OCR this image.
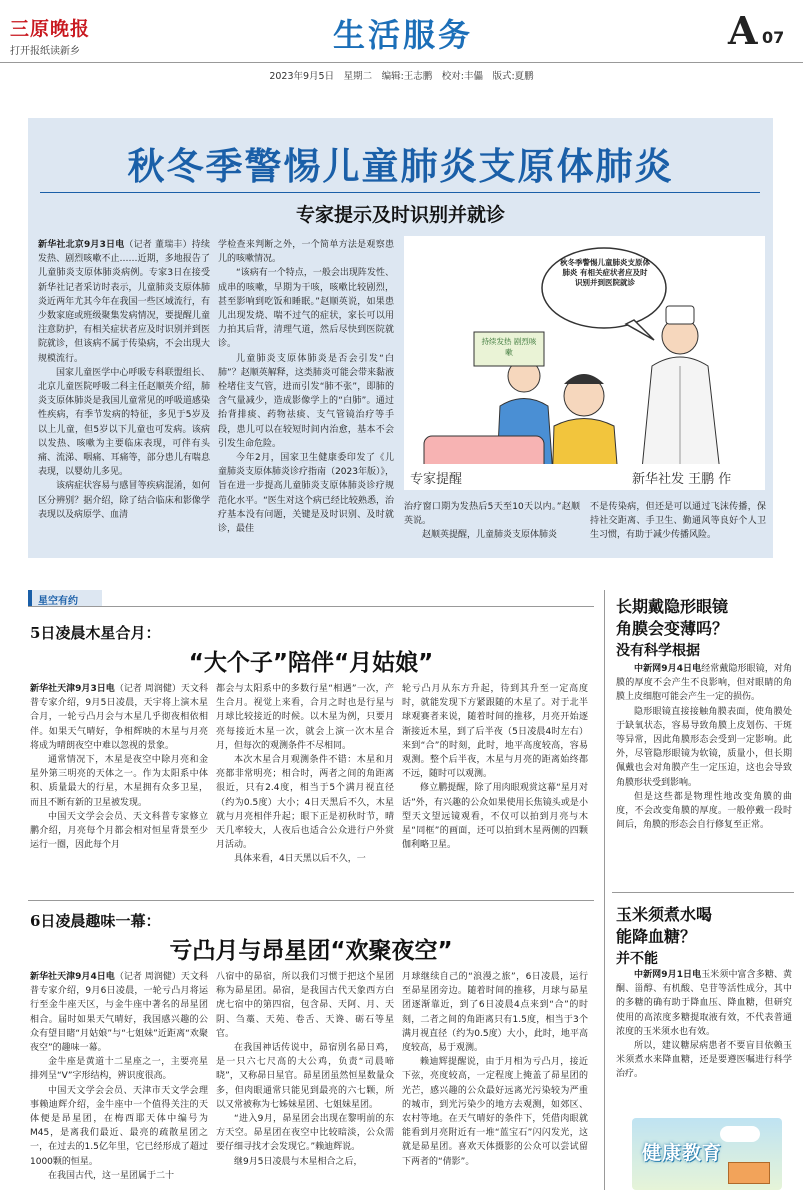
三原晚报
打开报纸读新乡	生活服务	A 07
2023年9月5日　星期二　编辑:王志鹏　校对:丰儡　版式:夏鹏
秋冬季警惕儿童肺炎支原体肺炎
专家提示及时识别并就诊

新华社北京9月3日电（记者 董瑞丰）持续发热、剧烈咳嗽不止……近期，多地报告了儿童肺炎支原体肺炎病例。专家3日在接受新华社记者采访时表示，儿童肺炎支原体肺炎近两年尤其今年在我国一些区域流行，有少数家庭或班级聚集发病情况，要提醒儿童注意防护，有相关症状者应及时识别并到医院就诊，但该病不属于传染病，不会出现大规模流行。

国家儿童医学中心呼吸专科联盟组长、北京儿童医院呼吸二科主任赵顺英介绍，肺炎支原体肺炎是我国儿童常见的呼吸道感染性疾病，有季节发病的特征，多见于5岁及以上儿童，但5岁以下儿童也可发病。该病以发热、咳嗽为主要临床表现，可伴有头痛、流涕、咽痛、耳痛等，部分患儿有喘息表现，以婴幼儿多见。

该病症状容易与感冒等疾病混淆，如何区分辨别？据介绍，除了结合临床和影像学表现以及病原学、血清

学检查来判断之外，一个简单方法是观察患儿的咳嗽情况。

“该病有一个特点，一般会出现阵发性、成串的咳嗽，早期为干咳，咳嗽比较剧烈，甚至影响到吃饭和睡眠。”赵顺英说，如果患儿出现发烧、喘不过气的症状，家长可以用力拍其后背，清理气道，然后尽快到医院就诊。

儿童肺炎支原体肺炎是否会引发“白肺”？赵顺英解释，这类肺炎可能会带来黏液栓堵住支气管，进而引发“肺不张”，即肺的含气量减少，造成影像学上的“白肺”。通过抬背排痰、药物祛痰、支气管镜治疗等手段，患儿可以在较短时间内治愈，基本不会引发生命危险。

今年2月，国家卫生健康委印发了《儿童肺炎支原体肺炎诊疗指南（2023年版）》，旨在进一步提高儿童肺炎支原体肺炎诊疗规范化水平。“医生对这个病已经比较熟悉，治疗基本没有问题，关键是及时识别、及时就诊，最佳

秋冬季警惕儿童肺炎支原体肺炎 有相关症状者应及时识别并到医院就诊
持续发热 剧烈咳嗽
专家提醒	新华社发 王鹏 作

治疗窗口期为发热后5天至10天以内。”赵顺英说。

赵顺英提醒，儿童肺炎支原体肺炎

不是传染病，但还是可以通过飞沫传播，保持社交距离、手卫生、勤通风等良好个人卫生习惯，有助于减少传播风险。

星空有约
5日凌晨木星合月：
“大个子”陪伴“月姑娘”

新华社天津9月3日电（记者 周润健）天文科普专家介绍，9月5日凌晨，天宇将上演木星合月，一轮亏凸月会与木星几乎彻夜相依相伴。如果天气晴好，争相辉映的木星与月亮将成为晴朗夜空中难以忽视的景象。

通常情况下，木星是夜空中除月亮和金星外第三明亮的天体之一。作为太阳系中体积、质量最大的行星，木星拥有众多卫星，而且不断有新的卫星被发现。

中国天文学会会员、天文科普专家修立鹏介绍，月亮每个月都会相对恒星背景至少运行一圈，因此每个月

都会与太阳系中的多数行星“相遇”一次，产生合月。视觉上来看，合月之时也是行星与月球比较接近的时候。以木星为例，只要月亮每接近木星一次，就会上演一次木星合月，但每次的观测条件不尽相同。

本次木星合月观测条件不错：木星和月亮都非常明亮；相合时，两者之间的角距离很近，只有2.4度，相当于5个满月视直径（约为0.5度）大小；4日天黑后不久，木星就与月亮相伴升起；眼下正是初秋时节，晴天几率较大，人夜后也适合公众进行户外赏月活动。

具体来看，4日天黑以后不久，一

轮亏凸月从东方升起，待到其升至一定高度时，就能发现下方紧跟随的木星了。对于北半球观赛者来说，随着时间的推移，月亮开始逐渐接近木星，到了后半夜（5日凌晨4时左右）来到“合”的时刻，此时，地平高度较高，容易观测。整个后半夜，木星与月亮的距离始终都不远，随时可以观测。

修立鹏提醒，除了用肉眼观赏这幕“星月对话”外，有兴趣的公众如果使用长焦镜头或是小型天文望远镜观看，不仅可以拍到月亮与木星“同框”的画面，还可以拍到木星两侧的四颗伽利略卫星。

6日凌晨趣味一幕：
亏凸月与昂星团“欢聚夜空”

新华社天津9月4日电（记者 周润健）天文科普专家介绍，9月6日凌晨，一轮亏凸月将运行至金牛座天区，与金牛座中著名的昂星团相合。届时如果天气晴好，我国感兴趣的公众有望目睹“月姑娘”与“七姐妹”近距离“欢聚夜空”的趣味一幕。

金牛座是黄道十二星座之一，主要亮星排列呈“V”字形结构，辨识度很高。

中国天文学会会员、天津市天文学会理事赖迪辉介绍，金牛座中一个值得关注的天体便是昂星团，在梅西耶天体中编号为M45，是离我们最近、最亮的疏散星团之一，在过去的1.5亿年里，它已经形成了超过1000颗的恒星。

在我国古代，这一星团属于二十

八宿中的昴宿，所以我们习惯于把这个星团称为昴星团。昴宿，是我国古代天象西方白虎七宿中的第四宿，包含昴、天阿、月、天阴、刍藁、天苑、卷舌、天谗、砺石等星官。

在我国神话传说中，昴宿別名昴日鸡，是一只六七尺高的大公鸡，负责“司晨啼晓”，又称昴日星官。昴星团虽然恒星数量众多，但肉眼通常只能见到最亮的六七颗，所以又常被称为七姊妹星团、七姐妹星团。

“进入9月，昴星团会出现在黎明前的东方天空。昴星团在夜空中比较暗淡，公众需要仔细寻找才会发现它。”赖迪辉说。

继9月5日凌晨与木星相合之后，

月球继续自己的“浪漫之旅”，6日凌晨，运行至昴星团旁边。随着时间的推移，月球与昴星团逐渐靠近，到了6日凌晨4点来到“合”的时刻，二者之间的角距离只有1.5度，相当于3个满月视直径（约为0.5度）大小，此时，地平高度较高，易于观测。

赖迪辉提醒说，由于月相为亏凸月，接近下弦，亮度较高，一定程度上掩盖了昴星团的光芒，感兴趣的公众最好远离光污染较为严重的城市，到光污染少的地方去观测，如郊区、农村等地。在天气晴好的条件下，凭借肉眼就能看到月亮附近有一堆“蓝宝石”闪闪发光，这就是昴星团。喜欢天体摄影的公众可以尝试留下两者的“倩影”。

长期戴隐形眼镜
角膜会变薄吗？
没有科学根据

中新网9月4日电经常戴隐形眼镜，对角膜的厚度不会产生不良影响，但对眼睛的角膜上皮细胞可能会产生一定的损伤。

隐形眼镜直接接触角膜表面，使角膜处于缺氧状态，容易导致角膜上皮划伤、干斑等异常，因此角膜形态会受到一定影响。此外，尽管隐形眼镜为软镜，质量小，但长期佩戴也会对角膜产生一定压迫，这也会导致角膜形状受到影响。

但是这些都是物理性地改变角膜的曲度，不会改变角膜的厚度。一般停戴一段时间后，角膜的形态会自行修复至正常。

玉米须煮水喝
能降血糖？
并不能

中新网9月1日电玉米须中富含多糖、黄酮、甾醇、有机酸、皂苷等活性成分，其中的多糖的确有助于降血压、降血糖，但研究使用的高浓度多糖提取液有效，不代表普通浓度的玉米须水也有效。

所以，建议糖尿病患者不要盲目依赖玉米须煮水来降血糖，还是要遵医嘱进行科学治疗。

健康教育
